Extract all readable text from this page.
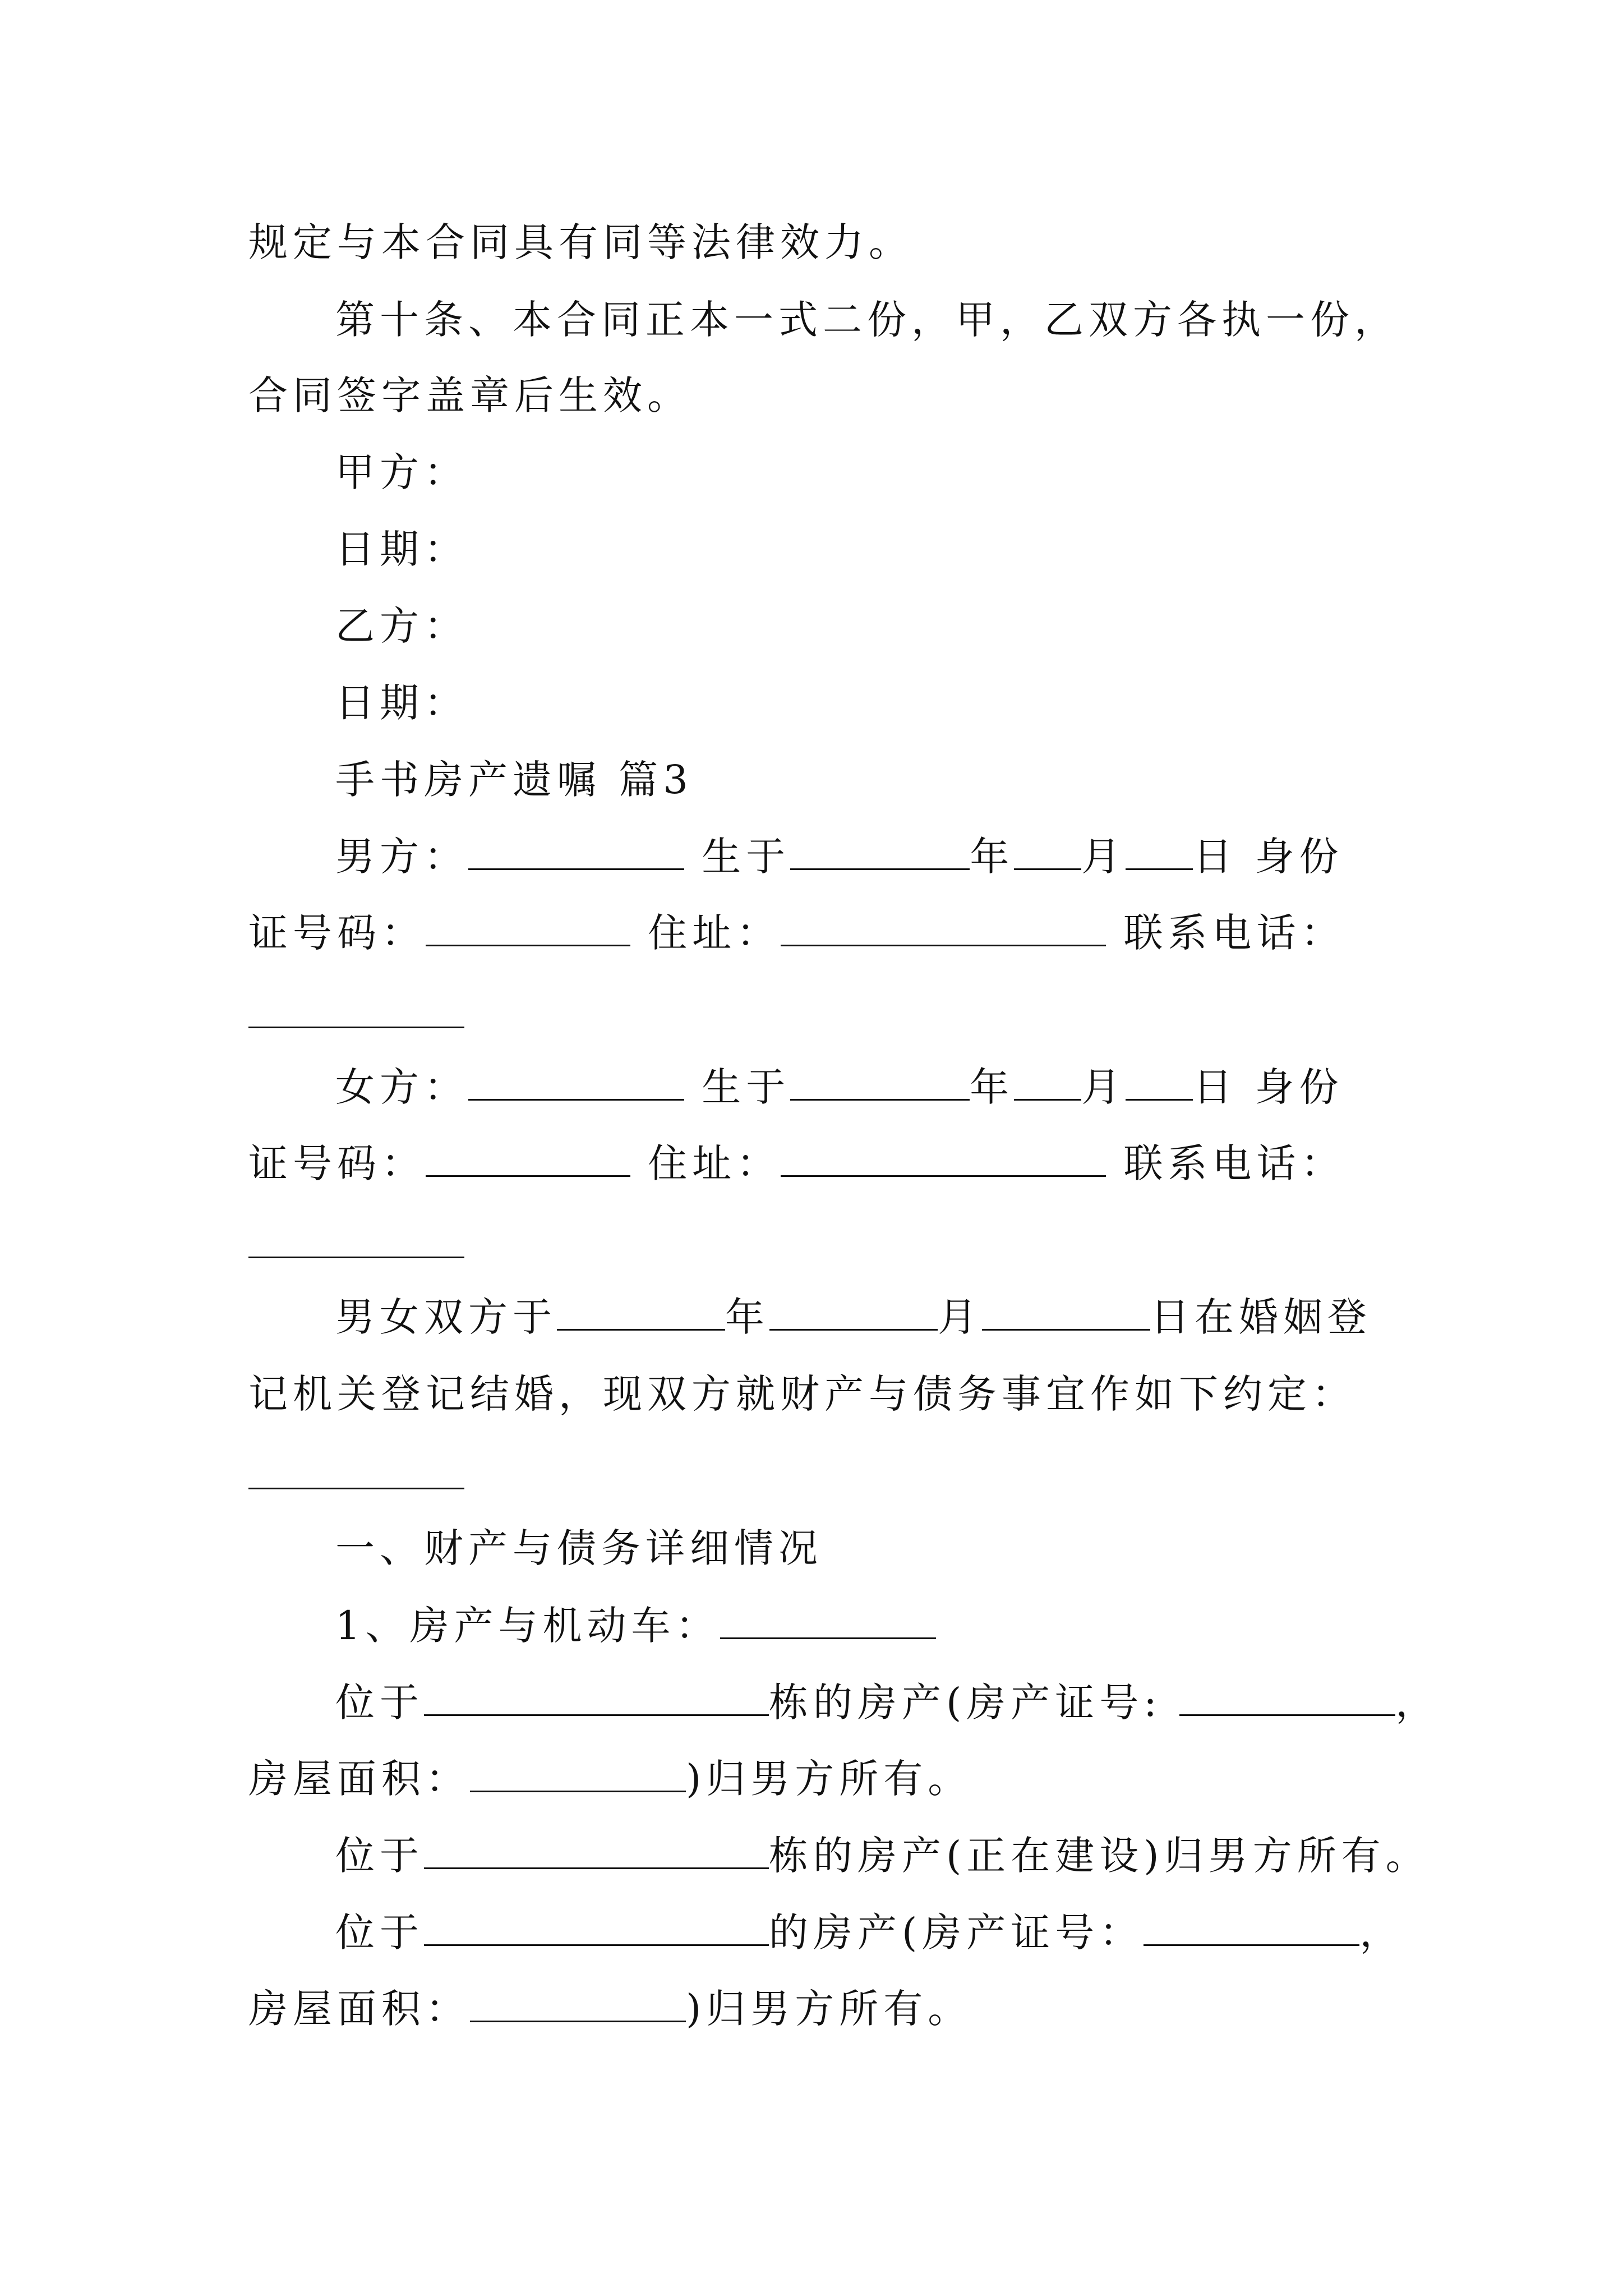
规定与本合同具有同等法律效力。
第十条、本合同正本一式二份，甲，乙双方各执一份，
合同签字盖章后生效。
甲方：
日期：
乙方：
日期：
手书房产遗嘱 篇3
男方：	生于	年 月 日 身份
证号码：	住址：	联系电话：
女方：	生于	年 月 日 身份
证号码：	住址：	联系电话：
男女双方于	年	月	日在婚姻登
记机关登记结婚，现双方就财产与债务事宜作如下约定：
一、财产与债务详细情况
1、房产与机动车：
位于	栋的房产(房产证号:	，
房屋面积：	)归男方所有。
位于	栋的房产(正在建设)归男方所有。
位于	的房产(房产证号：	，
房屋面积：	)归男方所有。
